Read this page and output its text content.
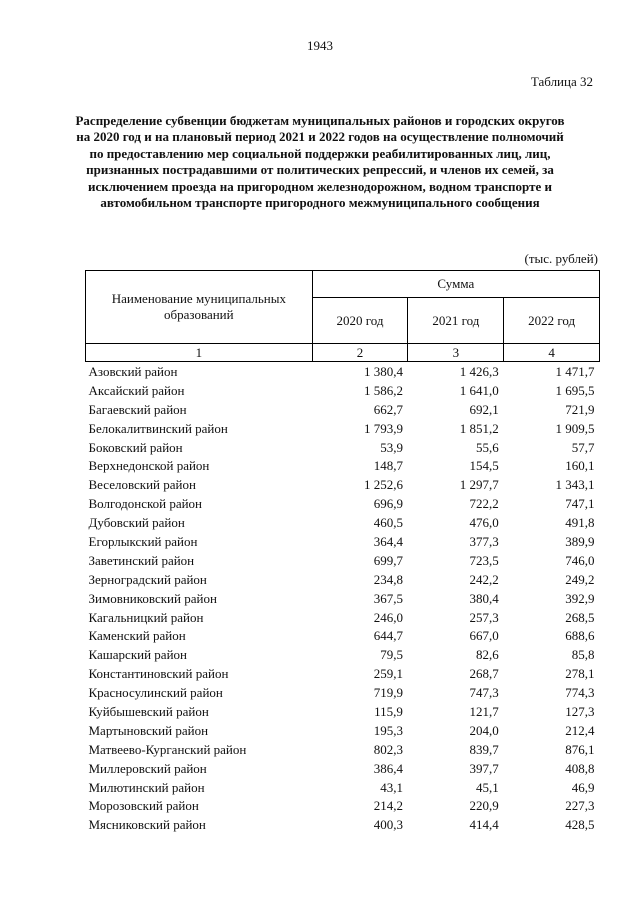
1943
Таблица 32
Распределение субвенции бюджетам муниципальных районов и городских округов на 2020 год и на плановый период 2021 и 2022 годов на осуществление полномочий по предоставлению мер социальной поддержки реабилитированных лиц, лиц, признанных пострадавшими от политических репрессий, и членов их семей, за исключением проезда на пригородном железнодорожном, водном транспорте и автомобильном транспорте пригородного межмуниципального сообщения
(тыс. рублей)
Наименование муниципальных образований	Сумма		
	2020 год	2021 год	2022 год
1	2	3	4
Азовский район	1 380,4	1 426,3	1 471,7
Аксайский район	1 586,2	1 641,0	1 695,5
Багаевский район	662,7	692,1	721,9
Белокалитвинский район	1 793,9	1 851,2	1 909,5
Боковский район	53,9	55,6	57,7
Верхнедонской район	148,7	154,5	160,1
Веселовский район	1 252,6	1 297,7	1 343,1
Волгодонской район	696,9	722,2	747,1
Дубовский район	460,5	476,0	491,8
Егорлыкский район	364,4	377,3	389,9
Заветинский район	699,7	723,5	746,0
Зерноградский район	234,8	242,2	249,2
Зимовниковский район	367,5	380,4	392,9
Кагальницкий район	246,0	257,3	268,5
Каменский район	644,7	667,0	688,6
Кашарский район	79,5	82,6	85,8
Константиновский район	259,1	268,7	278,1
Красносулинский район	719,9	747,3	774,3
Куйбышевский район	115,9	121,7	127,3
Мартыновский район	195,3	204,0	212,4
Матвеево-Курганский район	802,3	839,7	876,1
Миллеровский район	386,4	397,7	408,8
Милютинский район	43,1	45,1	46,9
Морозовский район	214,2	220,9	227,3
Мясниковский район	400,3	414,4	428,5
